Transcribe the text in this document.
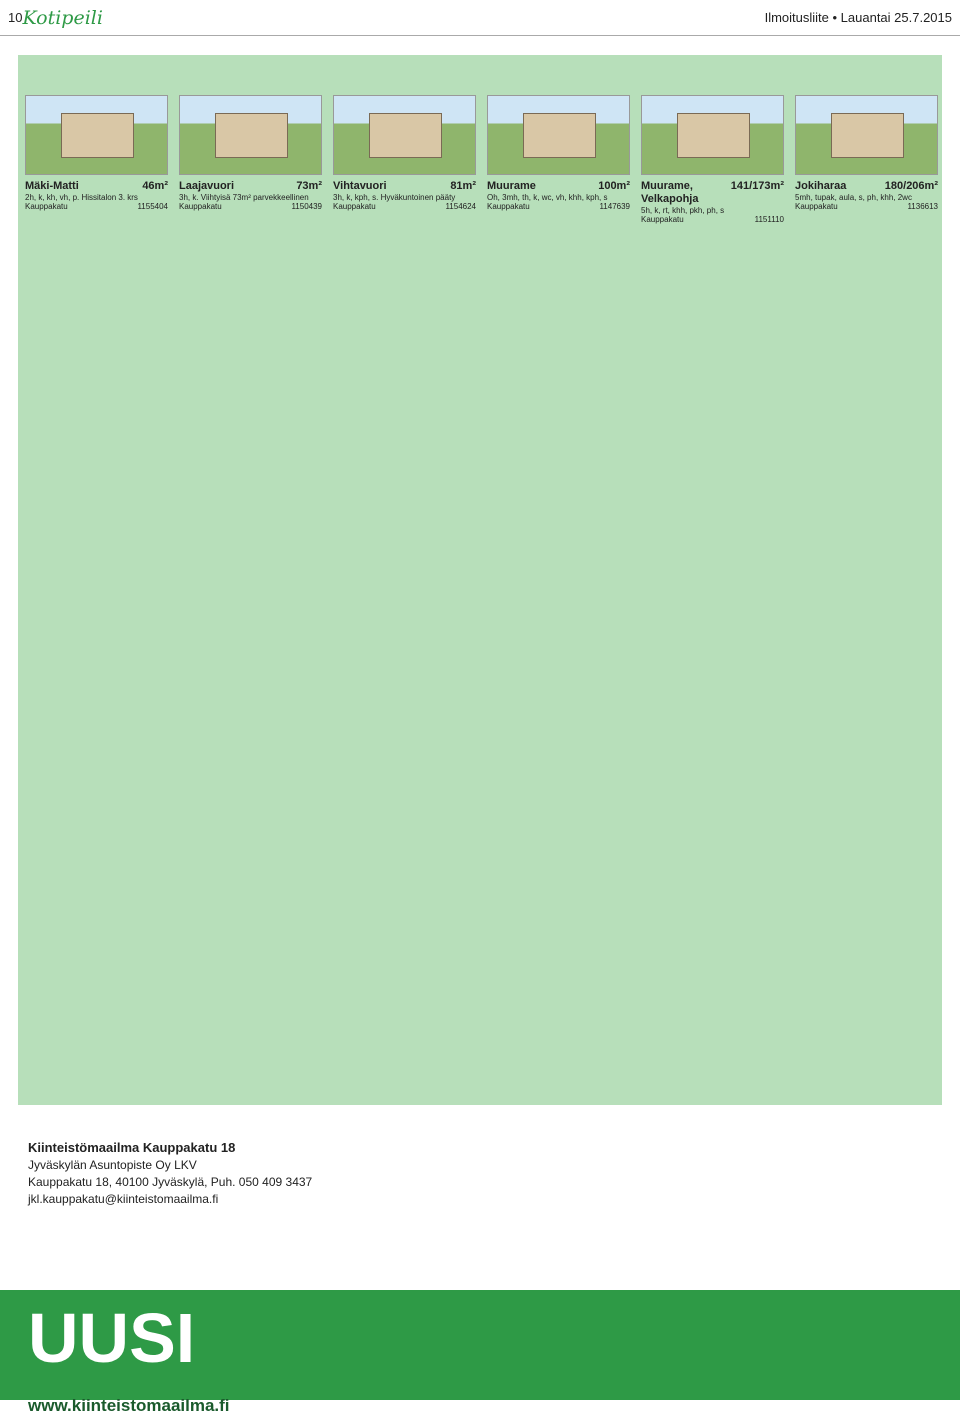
10 Kotipeili	Ilmoitusliite • Lauantai 25.7.2015
Mäki-Matti	46m²
2h, k, kh, vh, p. Hissitalon 3. krs
Kauppakatu	1155404
Laajavuori	73m²
3h, k. Viihtyisä 73m² parvekkeellinen
Kauppakatu	1150439
Vihtavuori	81m²
3h, k, kph, s. Hyväkuntoinen pääty
Kauppakatu	1154624
Muurame	100m²
Oh, 3mh, th, k, wc, vh, khh, kph, s
Kauppakatu	1147639
Muurame, Velkapohja
141/173m²
5h, k, rt, khh, pkh, ph, s
Kauppakatu	1151110
Jokiharaa	180/206m²
5mh, tupak, aula, s, ph, khh, 2wc
Kauppakatu	1136613
Kiinteistömaailma Kauppakatu 18
Jyväskylän Asuntopiste Oy LKV
Kauppakatu 18, 40100 Jyväskylä, Puh. 050 409 3437
jkl.kauppakatu@kiinteistomaailma.fi
UUSI
www.kiinteistomaailma.fi
